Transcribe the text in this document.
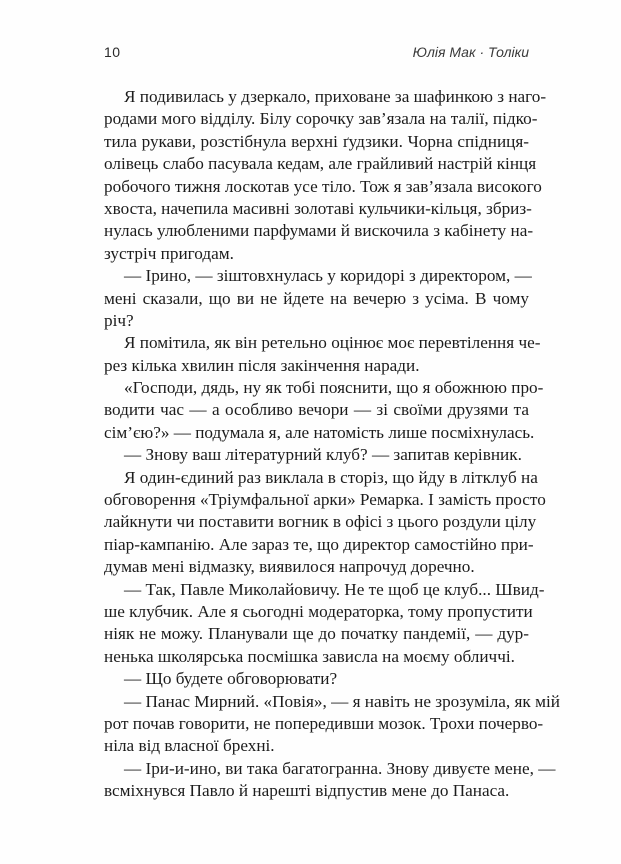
10	Юлія Мак · Толіки
Я подивилась у дзеркало, приховане за шафинкою з наго-
родами мого відділу. Білу сорочку зав’язала на талії, підко-
тила рукави, розстібнула верхні ґудзики. Чорна спідниця-
олівець слабо пасувала кедам, але грайливий настрій кінця
робочого тижня лоскотав усе тіло. Тож я зав’язала високого
хвоста, начепила масивні золотаві кульчики-кільця, збриз-
нулась улюбленими парфумами й вискочила з кабінету на-
зустріч пригодам.
— Ірино, — зіштовхнулась у коридорі з директором, —
мені сказали, що ви не йдете на вечерю з усіма. В чому
річ?
Я помітила, як він ретельно оцінює моє перевтілення че-
рез кілька хвилин після закінчення наради.
«Господи, дядь, ну як тобі пояснити, що я обожнюю про-
водити час — а особливо вечори — зі своїми друзями та
сім’єю?» — подумала я, але натомість лише посміхнулась.
— Знову ваш літературний клуб? — запитав керівник.
Я один-єдиний раз виклала в сторіз, що йду в літклуб на
обговорення «Тріумфальної арки» Ремарка. І замість просто
лайкнути чи поставити вогник в офісі з цього роздули цілу
піар-кампанію. Але зараз те, що директор самостійно при-
думав мені відмазку, виявилося напрочуд доречно.
— Так, Павле Миколайовичу. Не те щоб це клуб... Швид-
ше клубчик. Але я сьогодні модераторка, тому пропустити
ніяк не можу. Планували ще до початку пандемії, — дур-
ненька школярська посмішка зависла на моєму обличчі.
— Що будете обговорювати?
— Панас Мирний. «Повія», — я навіть не зрозуміла, як мій
рот почав говорити, не попередивши мозок. Трохи почерво-
ніла від власної брехні.
— Іри-и-ино, ви така багатогранна. Знову дивуєте мене, —
всміхнувся Павло й нарешті відпустив мене до Панаса.
